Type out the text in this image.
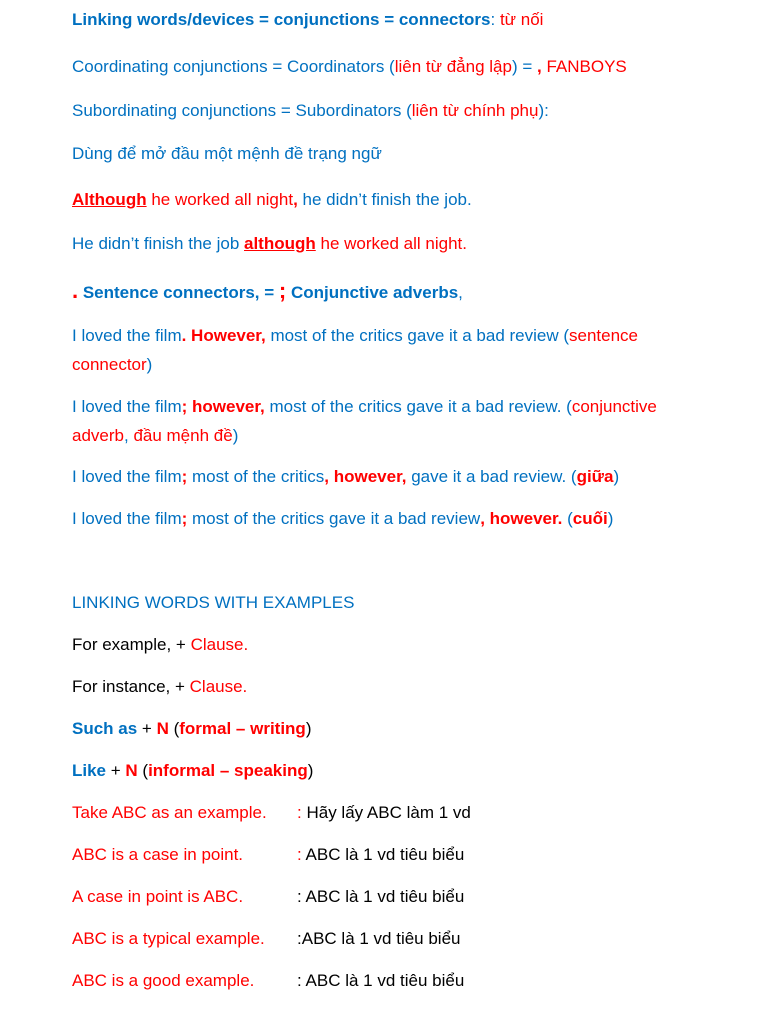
Linking words/devices = conjunctions = connectors: từ nối
Coordinating conjunctions = Coordinators (liên từ đẳng lập) = , FANBOYS
Subordinating conjunctions = Subordinators (liên từ chính phụ):
Dùng để mở đầu một mệnh đề trạng ngữ
Although he worked all night, he didn’t finish the job.
He didn’t finish the job although he worked all night.
. Sentence connectors, = ; Conjunctive adverbs,
I loved the film. However, most of the critics gave it a bad review (sentence connector)
I loved the film; however, most of the critics gave it a bad review. (conjunctive adverb, đầu mệnh đề)
I loved the film; most of the critics, however, gave it a bad review. (giữa)
I loved the film; most of the critics gave it a bad review, however. (cuối)
LINKING WORDS WITH EXAMPLES
For example, + Clause.
For instance, + Clause.
Such as + N (formal – writing)
Like + N (informal – speaking)
Take ABC as an example. : Hãy lấy ABC làm 1 vd
ABC is a case in point.	: ABC là 1 vd tiêu biểu
A case in point is ABC.	: ABC là 1 vd tiêu biểu
ABC is a typical example. :ABC là 1 vd tiêu biểu
ABC is a good example.	: ABC là 1 vd tiêu biểu
